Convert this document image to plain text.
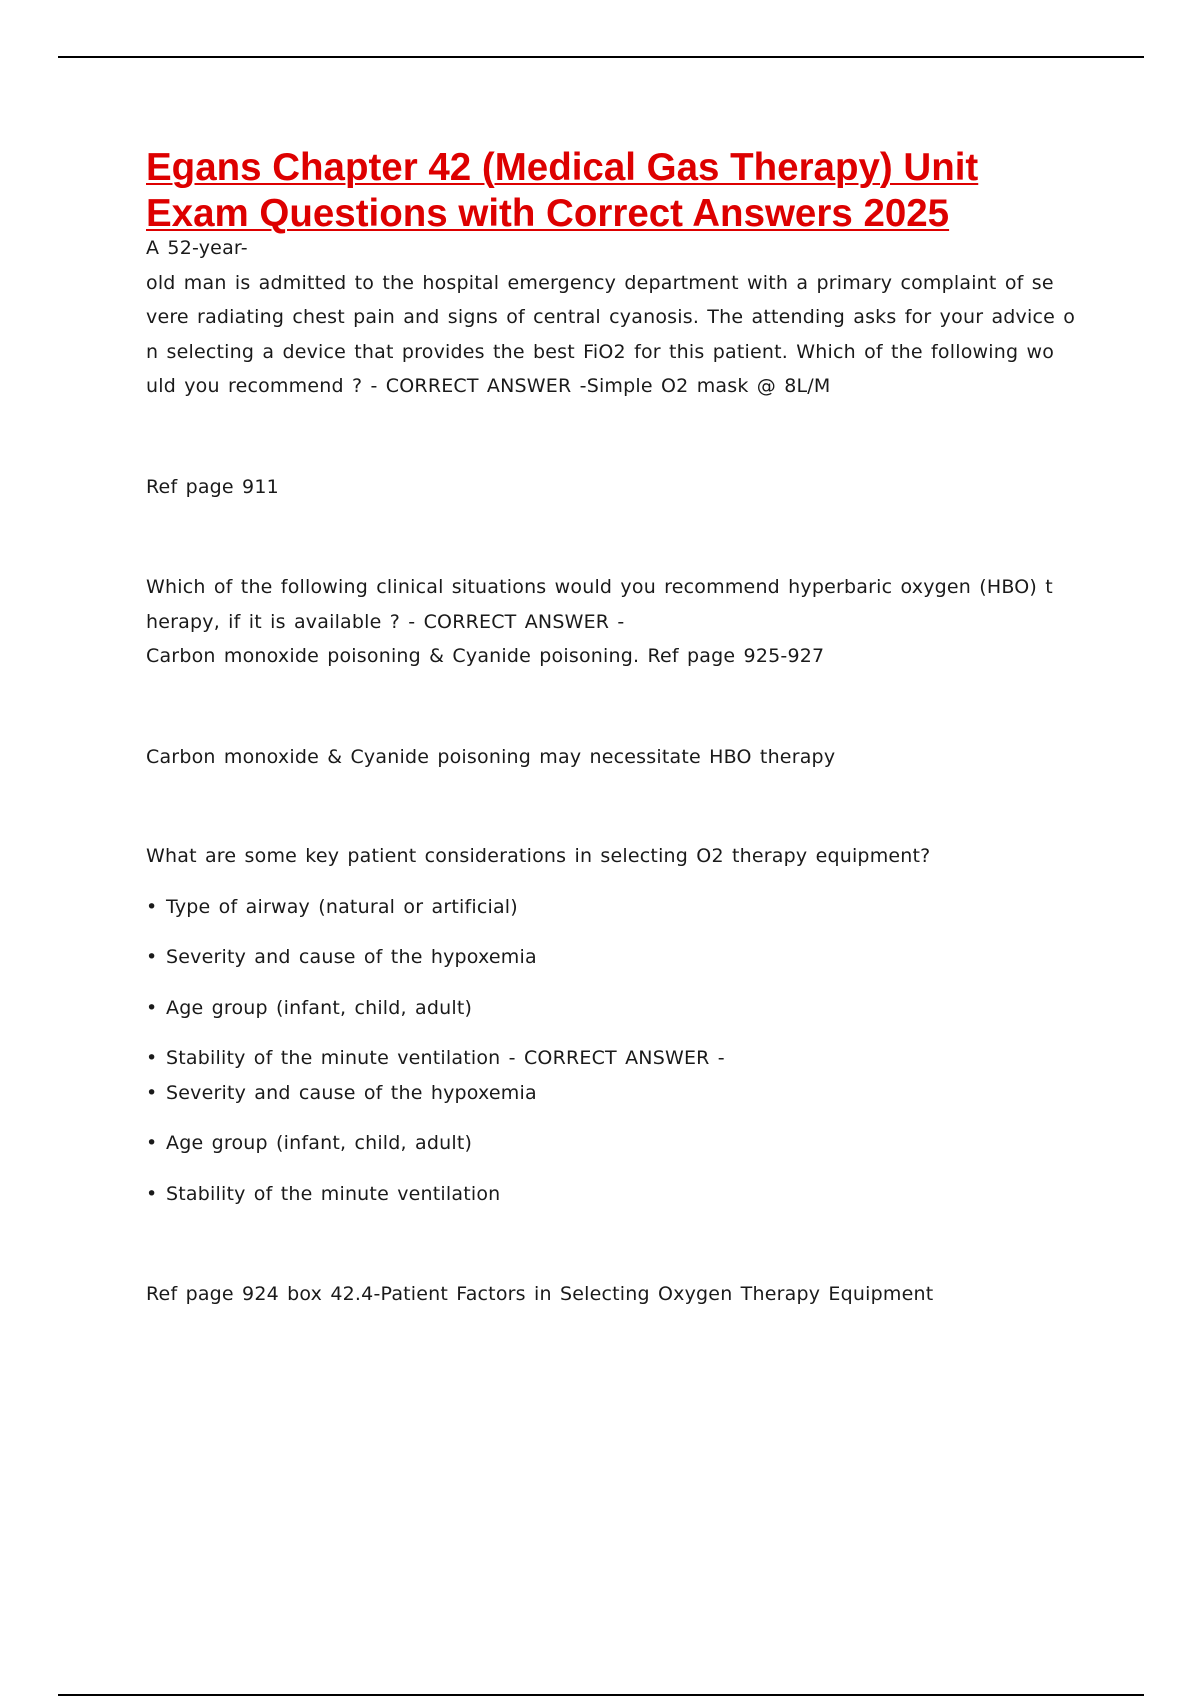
Egans Chapter 42 (Medical Gas Therapy) Unit
Exam Questions with Correct Answers 2025
A 52-year-
old man is admitted to the hospital emergency department with a primary complaint of se
vere radiating chest pain and signs of central cyanosis. The attending asks for your advice o
n selecting a device that provides the best FiO2 for this patient. Which of the following wo
uld you recommend ? - CORRECT ANSWER -Simple O2 mask @ 8L/M
Ref page 911
Which of the following clinical situations would you recommend hyperbaric oxygen (HBO) t
herapy, if it is available ? - CORRECT ANSWER -
Carbon monoxide poisoning & Cyanide poisoning. Ref page 925-927
Carbon monoxide & Cyanide poisoning may necessitate HBO therapy
What are some key patient considerations in selecting O2 therapy equipment?
• Type of airway (natural or artificial)
• Severity and cause of the hypoxemia
• Age group (infant, child, adult)
• Stability of the minute ventilation - CORRECT ANSWER -
• Severity and cause of the hypoxemia
• Age group (infant, child, adult)
• Stability of the minute ventilation
Ref page 924 box 42.4-Patient Factors in Selecting Oxygen Therapy Equipment
